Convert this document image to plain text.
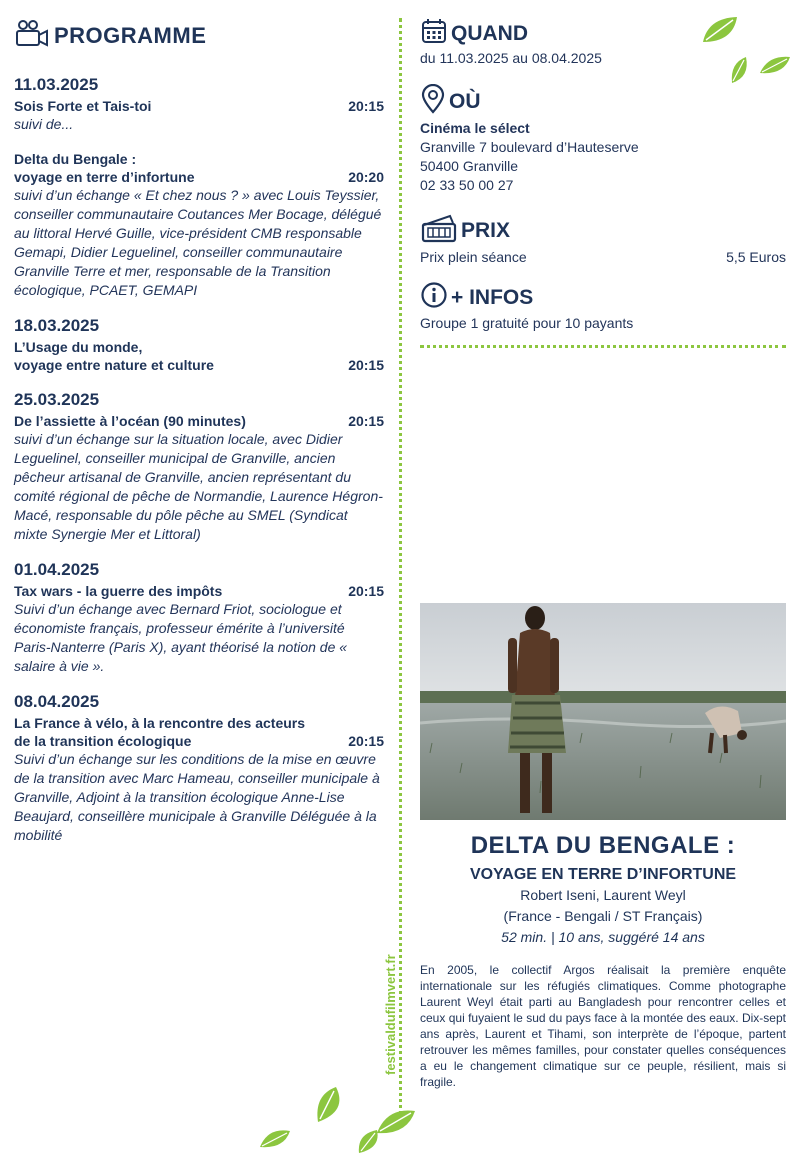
PROGRAMME
11.03.2025
Sois Forte et Tais-toi	20:15
suivi de...
Delta du Bengale :
voyage en terre d’infortune	20:20
suivi d’un échange « Et chez nous ? » avec Louis Teyssier, conseiller communautaire Coutances Mer Bocage, délégué au littoral Hervé Guille, vice-président CMB responsable Gemapi, Didier Leguelinel, conseiller communautaire Granville Terre et mer, responsable de la Transition écologique, PCAET, GEMAPI
18.03.2025
L’Usage du monde,
voyage entre nature et culture	20:15
25.03.2025
De l’assiette à l’océan (90 minutes)	20:15
suivi d’un échange sur la situation locale, avec Didier Leguelinel, conseiller municipal de Granville, ancien pêcheur artisanal de Granville, ancien représentant du comité régional de pêche de Normandie, Laurence Hégron-Macé, responsable du pôle pêche au SMEL (Syndicat mixte Synergie Mer et Littoral)
01.04.2025
Tax wars - la guerre des impôts	20:15
Suivi d’un échange avec Bernard Friot, sociologue et économiste français, professeur émérite à l’université Paris-Nanterre (Paris X), ayant théorisé la notion de « salaire à vie ».
08.04.2025
La France à vélo, à la rencontre des acteurs
de la transition écologique	20:15
Suivi d’un échange sur les conditions de la mise en œuvre de la transition avec Marc Hameau, conseiller municipale à Granville, Adjoint à la transition écologique Anne-Lise Beaujard, conseillère municipale à Granville Déléguée à la mobilité
festivaldufilmvert.fr
QUAND
du 11.03.2025 au 08.04.2025
OÙ
Cinéma le sélect
Granville 7 boulevard d’Hauteserve
50400 Granville
02 33 50 00 27
PRIX
Prix plein séance	5,5 Euros
+ INFOS
Groupe 1 gratuité pour 10 payants
DELTA DU BENGALE :
VOYAGE EN TERRE D’INFORTUNE
Robert Iseni, Laurent Weyl
(France - Bengali / ST Français)
52 min. | 10 ans, suggéré 14 ans
En 2005, le collectif Argos réalisait la première enquête internationale sur les réfugiés climatiques. Comme photographe Laurent Weyl était parti au Bangladesh pour rencontrer celles et ceux qui fuyaient le sud du pays face à la montée des eaux. Dix-sept ans après, Laurent et Tihami, son interprète de l’époque, partent retrouver les mêmes familles, pour constater quelles conséquences a eu le changement climatique sur ce peuple, résilient, mais si fragile.
